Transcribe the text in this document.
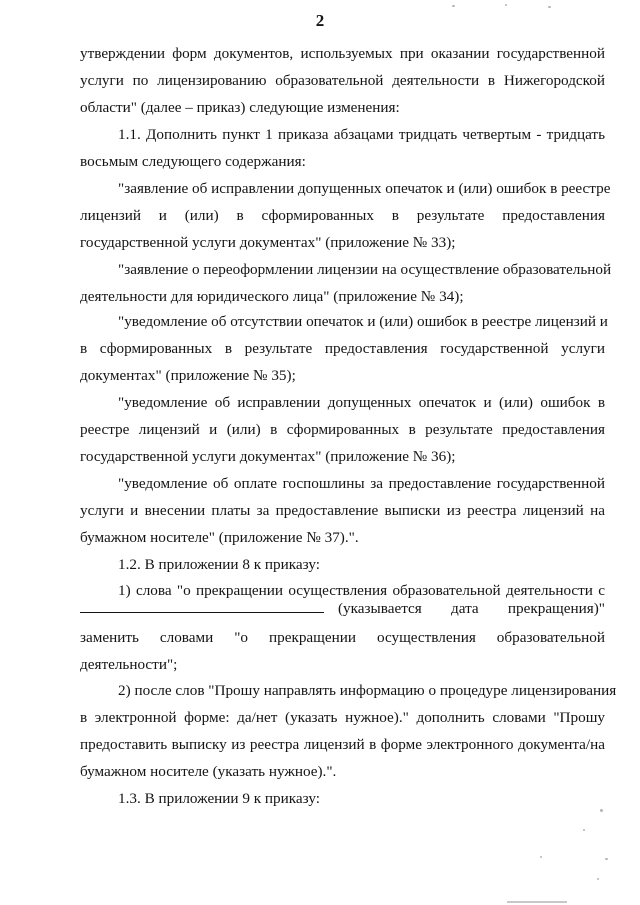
2
утверждении форм документов, используемых при оказании государственной
услуги по лицензированию образовательной деятельности в Нижегородской
области" (далее – приказ) следующие изменения:
1.1. Дополнить пункт 1 приказа абзацами тридцать четвертым - тридцать
восьмым следующего содержания:
"заявление об исправлении допущенных опечаток и (или) ошибок в реестре
лицензий и (или) в сформированных в результате предоставления
государственной услуги документах" (приложение № 33);
"заявление о переоформлении лицензии на осуществление образовательной
деятельности для юридического лица" (приложение № 34);
"уведомление об отсутствии опечаток и (или) ошибок в реестре лицензий и
в сформированных в результате предоставления государственной услуги
документах" (приложение № 35);
"уведомление об исправлении допущенных опечаток и (или) ошибок в
реестре лицензий и (или) в сформированных в результате предоставления
государственной услуги документах" (приложение № 36);
"уведомление об оплате госпошлины за предоставление государственной
услуги и внесении платы за предоставление выписки из реестра лицензий на
бумажном носителе" (приложение № 37).".
1.2. В приложении 8 к приказу:
1) слова "о прекращении осуществления образовательной деятельности с
(указывается дата прекращения)"
заменить словами "о прекращении осуществления образовательной
деятельности";
2) после слов "Прошу направлять информацию о процедуре лицензирования
в электронной форме: да/нет (указать нужное)." дополнить словами "Прошу
предоставить выписку из реестра лицензий в форме электронного документа/на
бумажном носителе (указать нужное).".
1.3. В приложении 9 к приказу:
